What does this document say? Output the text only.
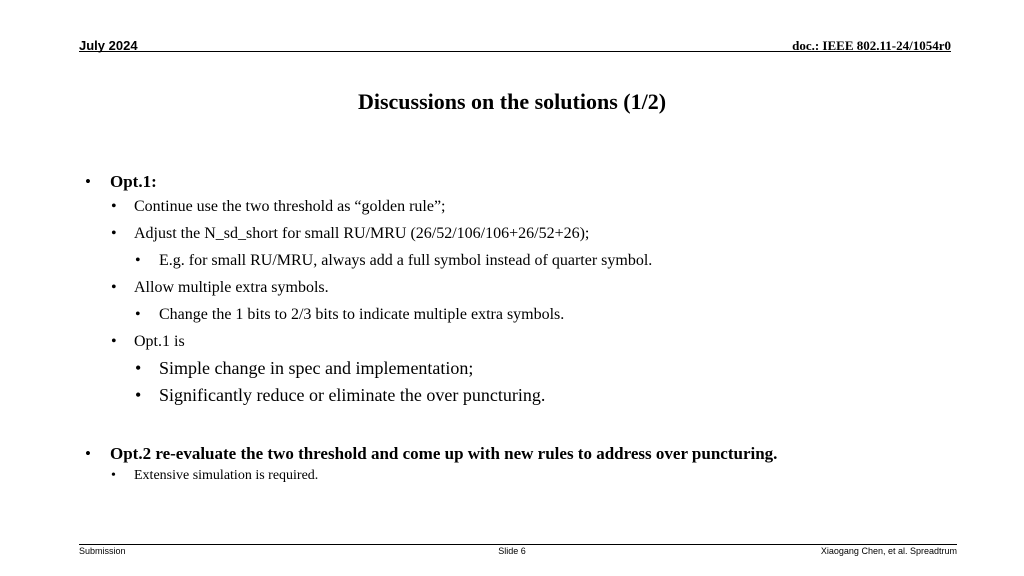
July 2024	doc.: IEEE 802.11-24/1054r0
Discussions on the solutions (1/2)
• Opt.1:
• Continue use the two threshold as “golden rule”;
• Adjust the N_sd_short for small RU/MRU (26/52/106/106+26/52+26);
• E.g. for small RU/MRU, always add a full symbol instead of quarter symbol.
• Allow multiple extra symbols.
• Change the 1 bits to 2/3 bits to indicate multiple extra symbols.
• Opt.1 is
• Simple change in spec and implementation;
• Significantly reduce or eliminate the over puncturing.
• Opt.2 re-evaluate the two threshold and come up with new rules to address over puncturing.
• Extensive simulation is required.
Submission	Slide 6	Xiaogang Chen, et al. Spreadtrum
